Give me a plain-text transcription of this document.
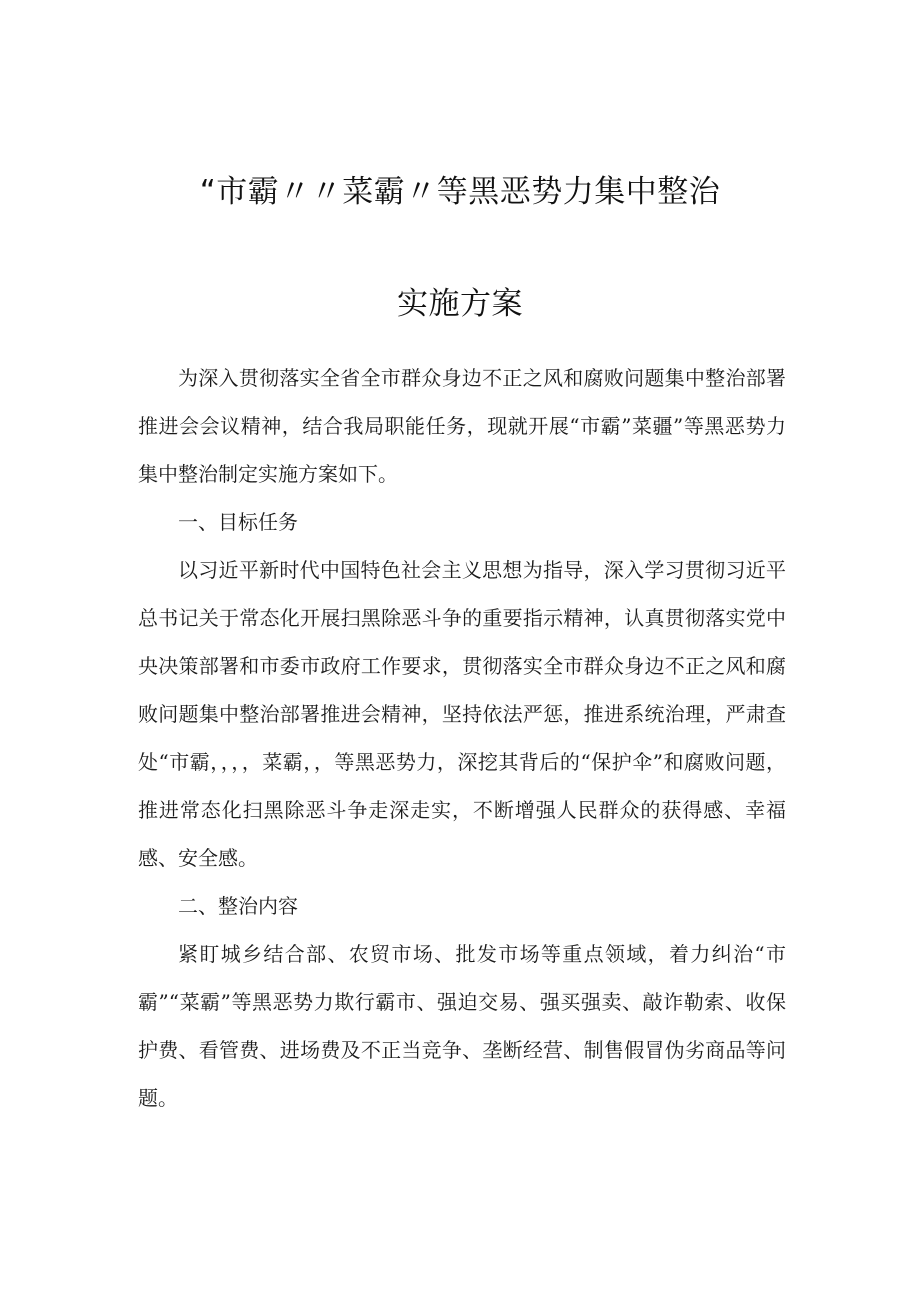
“市霸〃〃菜霸〃等黑恶势力集中整治
实施方案

为深入贯彻落实全省全市群众身边不正之风和腐败问题集中整治部署推进会会议精神，结合我局职能任务，现就开展“市霸”菜疆”等黑恶势力集中整治制定实施方案如下。

一、目标任务

以习近平新时代中国特色社会主义思想为指导，深入学习贯彻习近平总书记关于常态化开展扫黑除恶斗争的重要指示精神，认真贯彻落实党中央决策部署和市委市政府工作要求，贯彻落实全市群众身边不正之风和腐败问题集中整治部署推进会精神，坚持依法严惩，推进系统治理，严肃查处“市霸，，，，菜霸，，等黑恶势力，深挖其背后的“保护伞”和腐败问题，推进常态化扫黑除恶斗争走深走实，不断增强人民群众的获得感、幸福感、安全感。

二、整治内容

紧盯城乡结合部、农贸市场、批发市场等重点领域，着力纠治“市霸”“菜霸”等黑恶势力欺行霸市、强迫交易、强买强卖、敲诈勒索、收保护费、看管费、进场费及不正当竞争、垄断经营、制售假冒伪劣商品等问题。
